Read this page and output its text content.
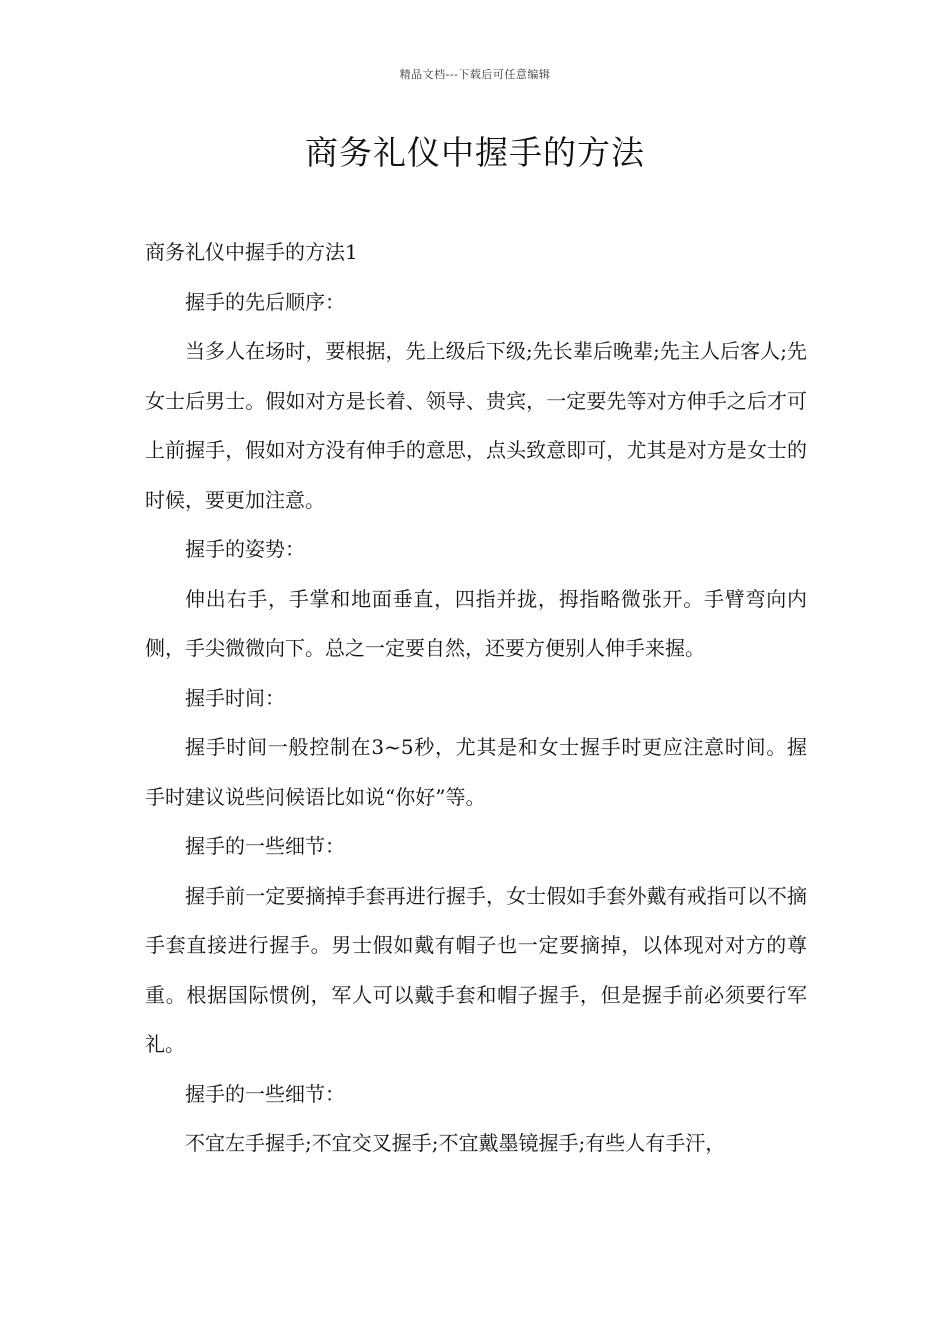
精品文档---下载后可任意编辑
商务礼仪中握手的方法

商务礼仪中握手的方法1

握手的先后顺序：

当多人在场时，要根据，先上级后下级;先长辈后晚辈;先主人后客人;先女士后男士。假如对方是长着、领导、贵宾，一定要先等对方伸手之后才可上前握手，假如对方没有伸手的意思，点头致意即可，尤其是对方是女士的时候，要更加注意。

握手的姿势：

伸出右手，手掌和地面垂直，四指并拢，拇指略微张开。手臂弯向内侧，手尖微微向下。总之一定要自然，还要方便别人伸手来握。

握手时间：

握手时间一般控制在3~5秒，尤其是和女士握手时更应注意时间。握手时建议说些问候语比如说“你好”等。

握手的一些细节：

握手前一定要摘掉手套再进行握手，女士假如手套外戴有戒指可以不摘手套直接进行握手。男士假如戴有帽子也一定要摘掉，以体现对对方的尊重。根据国际惯例，军人可以戴手套和帽子握手，但是握手前必须要行军礼。

握手的一些细节：

不宜左手握手;不宜交叉握手;不宜戴墨镜握手;有些人有手汗，
